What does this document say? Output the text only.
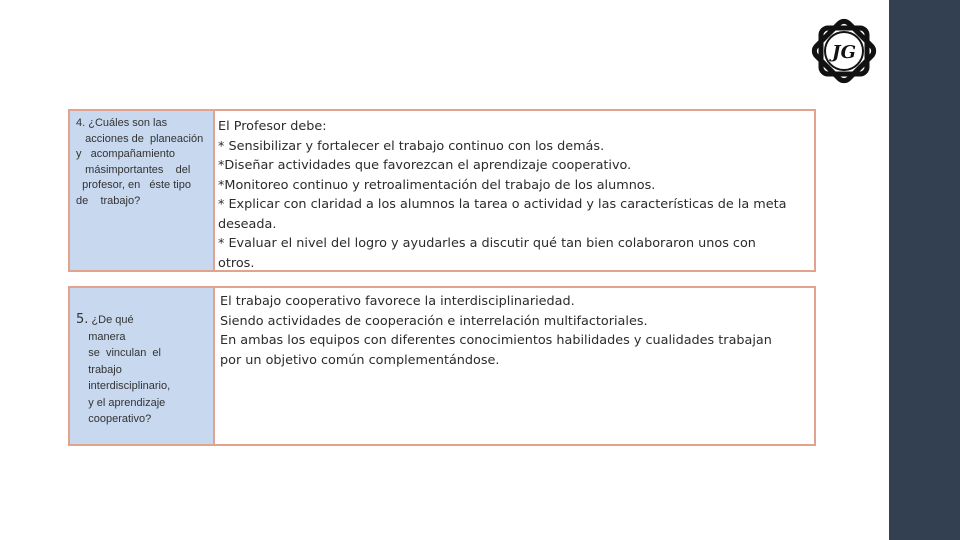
JG
4. ¿Cuáles son las
acciones de  planeación
y   acompañamiento
másimportantes    del
profesor, en   éste tipo
de    trabajo?
El Profesor debe:
* Sensibilizar y fortalecer el trabajo continuo con los demás.
*Diseñar actividades que favorezcan el aprendizaje cooperativo.
*Monitoreo continuo y retroalimentación del trabajo de los alumnos.
* Explicar con claridad a los alumnos la tarea o actividad y las características de la meta
deseada.
* Evaluar el nivel del logro y ayudarles a discutir qué tan bien colaboraron unos con
otros.
5. ¿De qué
manera
se  vinculan  el
trabajo
interdisciplinario,
y el aprendizaje
cooperativo?
El trabajo cooperativo favorece la interdisciplinariedad.
Siendo actividades de cooperación e interrelación multifactoriales.
En ambas los equipos con diferentes conocimientos habilidades y cualidades trabajan
por un objetivo común complementándose.
